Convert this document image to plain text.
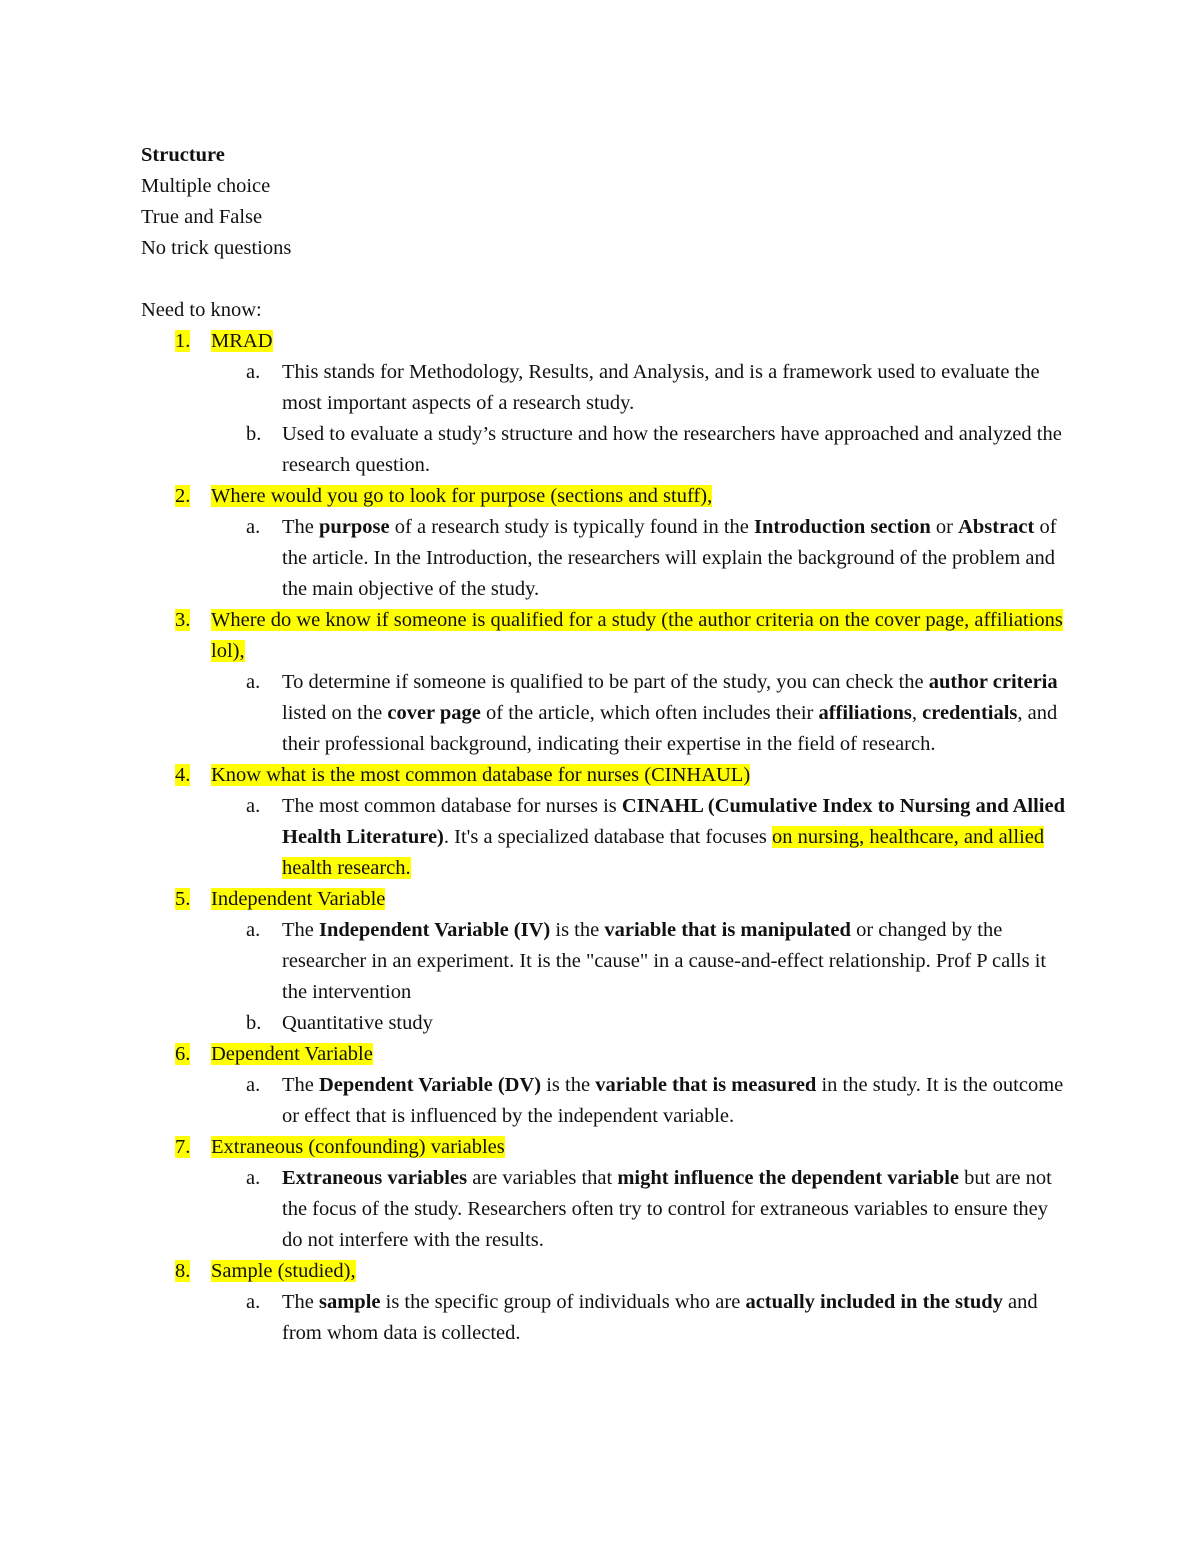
Structure
Multiple choice
True and False
No trick questions
Need to know:
1.	MRAD
a.	This stands for Methodology, Results, and Analysis, and is a framework used to evaluate the most important aspects of a research study.
b.	Used to evaluate a study’s structure and how the researchers have approached and analyzed the research question.
2.	Where would you go to look for purpose (sections and stuff),
a.	The purpose of a research study is typically found in the Introduction section or Abstract of the article. In the Introduction, the researchers will explain the background of the problem and the main objective of the study.
3.	Where do we know if someone is qualified for a study (the author criteria on the cover page, affiliations lol),
a.	To determine if someone is qualified to be part of the study, you can check the author criteria listed on the cover page of the article, which often includes their affiliations, credentials, and their professional background, indicating their expertise in the field of research.
4.	Know what is the most common database for nurses (CINHAUL)
a.	The most common database for nurses is CINAHL (Cumulative Index to Nursing and Allied Health Literature). It's a specialized database that focuses on nursing, healthcare, and allied health research.
5.	Independent Variable
a.	The Independent Variable (IV) is the variable that is manipulated or changed by the researcher in an experiment. It is the "cause" in a cause-and-effect relationship. Prof P calls it the intervention
b.	Quantitative study
6.	Dependent Variable
a.	The Dependent Variable (DV) is the variable that is measured in the study. It is the outcome or effect that is influenced by the independent variable.
7.	Extraneous (confounding) variables
a.	Extraneous variables are variables that might influence the dependent variable but are not the focus of the study. Researchers often try to control for extraneous variables to ensure they do not interfere with the results.
8.	Sample (studied),
a.	The sample is the specific group of individuals who are actually included in the study and from whom data is collected.
